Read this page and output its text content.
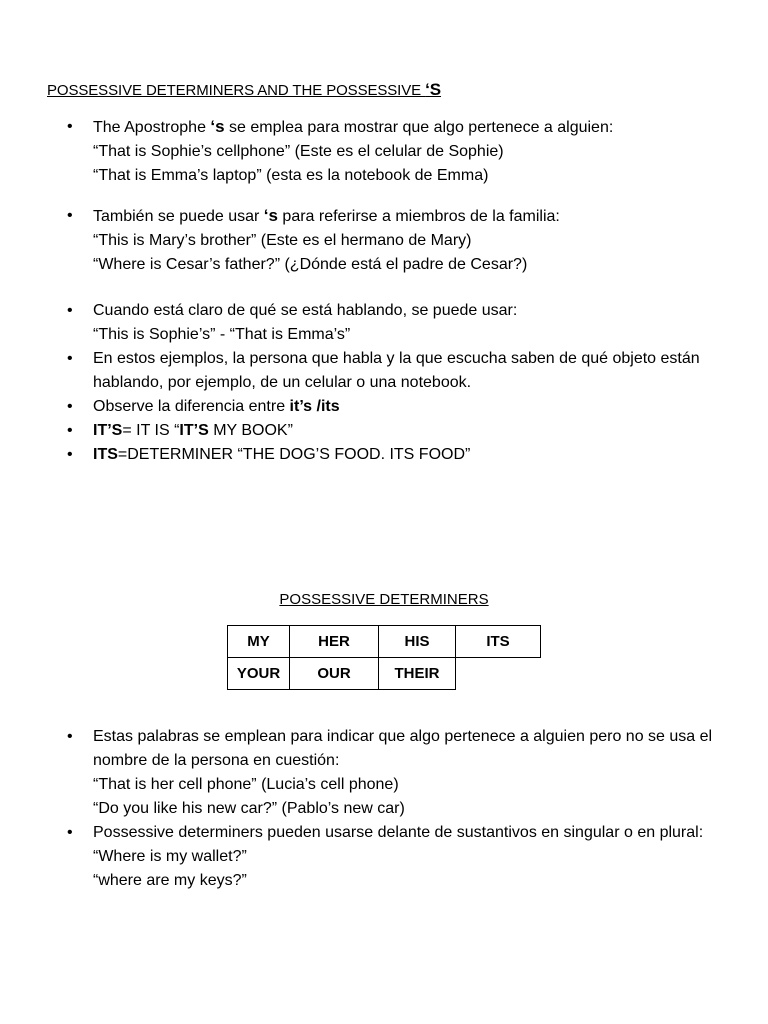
POSSESSIVE DETERMINERS AND THE POSSESSIVE ‘S
• The Apostrophe ‘s se emplea para mostrar que algo pertenece a alguien:
“That is Sophie’s cellphone” (Este es el celular de Sophie)
“That is Emma’s laptop” (esta es la notebook de Emma)
• También se puede usar ‘s para referirse a miembros de la familia:
“This is Mary’s brother” (Este es el hermano de Mary)
“Where is Cesar’s father?” (¿Dónde está el padre de Cesar?)
• Cuando está claro de qué se está hablando, se puede usar:
“This is Sophie’s” - “That is Emma’s”
• En estos ejemplos, la persona que habla y la que escucha saben de qué objeto están
hablando, por ejemplo, de un celular o una notebook.
• Observe la diferencia entre it’s /its
• IT’S= IT IS “IT’S MY BOOK”
• ITS=DETERMINER “THE DOG’S FOOD. ITS FOOD”
POSSESSIVE DETERMINERS
MY	HER	HIS	ITS
YOUR	OUR	THEIR	
• Estas palabras se emplean para indicar que algo pertenece a alguien pero no se usa el
nombre de la persona en cuestión:
“That is her cell phone” (Lucia’s cell phone)
“Do you like his new car?” (Pablo’s new car)
• Possessive determiners pueden usarse delante de sustantivos en singular o en plural:
“Where is my wallet?”
“where are my keys?”
